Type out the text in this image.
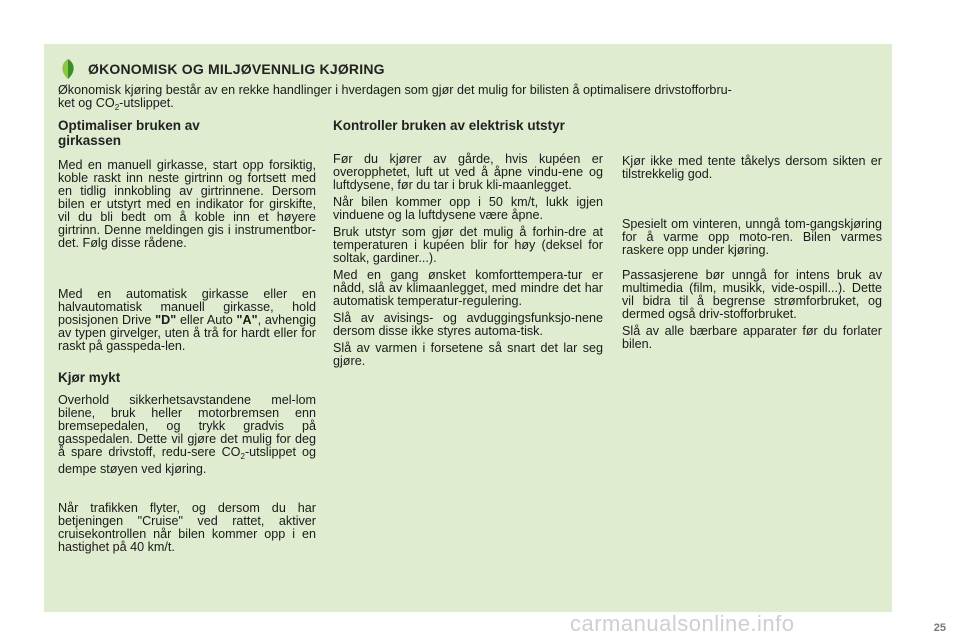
ØKONOMISK OG MILJØVENNLIG KJØRING
Økonomisk kjøring består av en rekke handlinger i hverdagen som gjør det mulig for bilisten å optimalisere drivstofforbru-
ket og $CO_2$-utslippet.
Optimaliser bruken av girkassen

Med en manuell girkasse, start opp forsiktig, koble raskt inn neste girtrinn og fortsett med en tidlig innkobling av girtrinnene. Dersom bilen er utstyrt med en indikator for girskifte, vil du bli bedt om å koble inn et høyere girtrinn. Denne meldingen gis i instrumentbor-det. Følg disse rådene.

Med en automatisk girkasse eller en halvautomatisk manuell girkasse, hold posisjonen Drive "D" eller Auto "A", avhengig av typen girvelger, uten å trå for hardt eller for raskt på gasspeda-len.

Kjør mykt

Overhold sikkerhetsavstandene mel-lom bilene, bruk heller motorbremsen enn bremsepedalen, og trykk gradvis på gasspedalen. Dette vil gjøre det mulig for deg å spare drivstoff, redu-sere $CO_2$-utslippet og dempe støyen ved kjøring.

Når trafikken flyter, og dersom du har betjeningen "Cruise" ved rattet, aktiver cruisekontrollen når bilen kommer opp i en hastighet på 40 km/t.

Kontroller bruken av elektrisk utstyr

Før du kjører av gårde, hvis kupéen er overopphetet, luft ut ved å åpne vindu-ene og luftdysene, før du tar i bruk kli-maanlegget.

Når bilen kommer opp i 50 km/t, lukk igjen vinduene og la luftdysene være åpne.

Bruk utstyr som gjør det mulig å forhin-dre at temperaturen i kupéen blir for høy (deksel for soltak, gardiner...).

Med en gang ønsket komforttempera-tur er nådd, slå av klimaanlegget, med mindre det har automatisk temperatur-regulering.

Slå av avisings- og avduggingsfunksjo-nene dersom disse ikke styres automa-tisk.

Slå av varmen i forsetene så snart det lar seg gjøre.

Kjør ikke med tente tåkelys dersom sikten er tilstrekkelig god.

Spesielt om vinteren, unngå tom-gangskjøring for å varme opp moto-ren. Bilen varmes raskere opp under kjøring.

Passasjerene bør unngå for intens bruk av multimedia (film, musikk, vide-ospill...). Dette vil bidra til å begrense strømforbruket, og dermed også driv-stofforbruket.

Slå av alle bærbare apparater før du forlater bilen.

carmanualsonline.info	25
